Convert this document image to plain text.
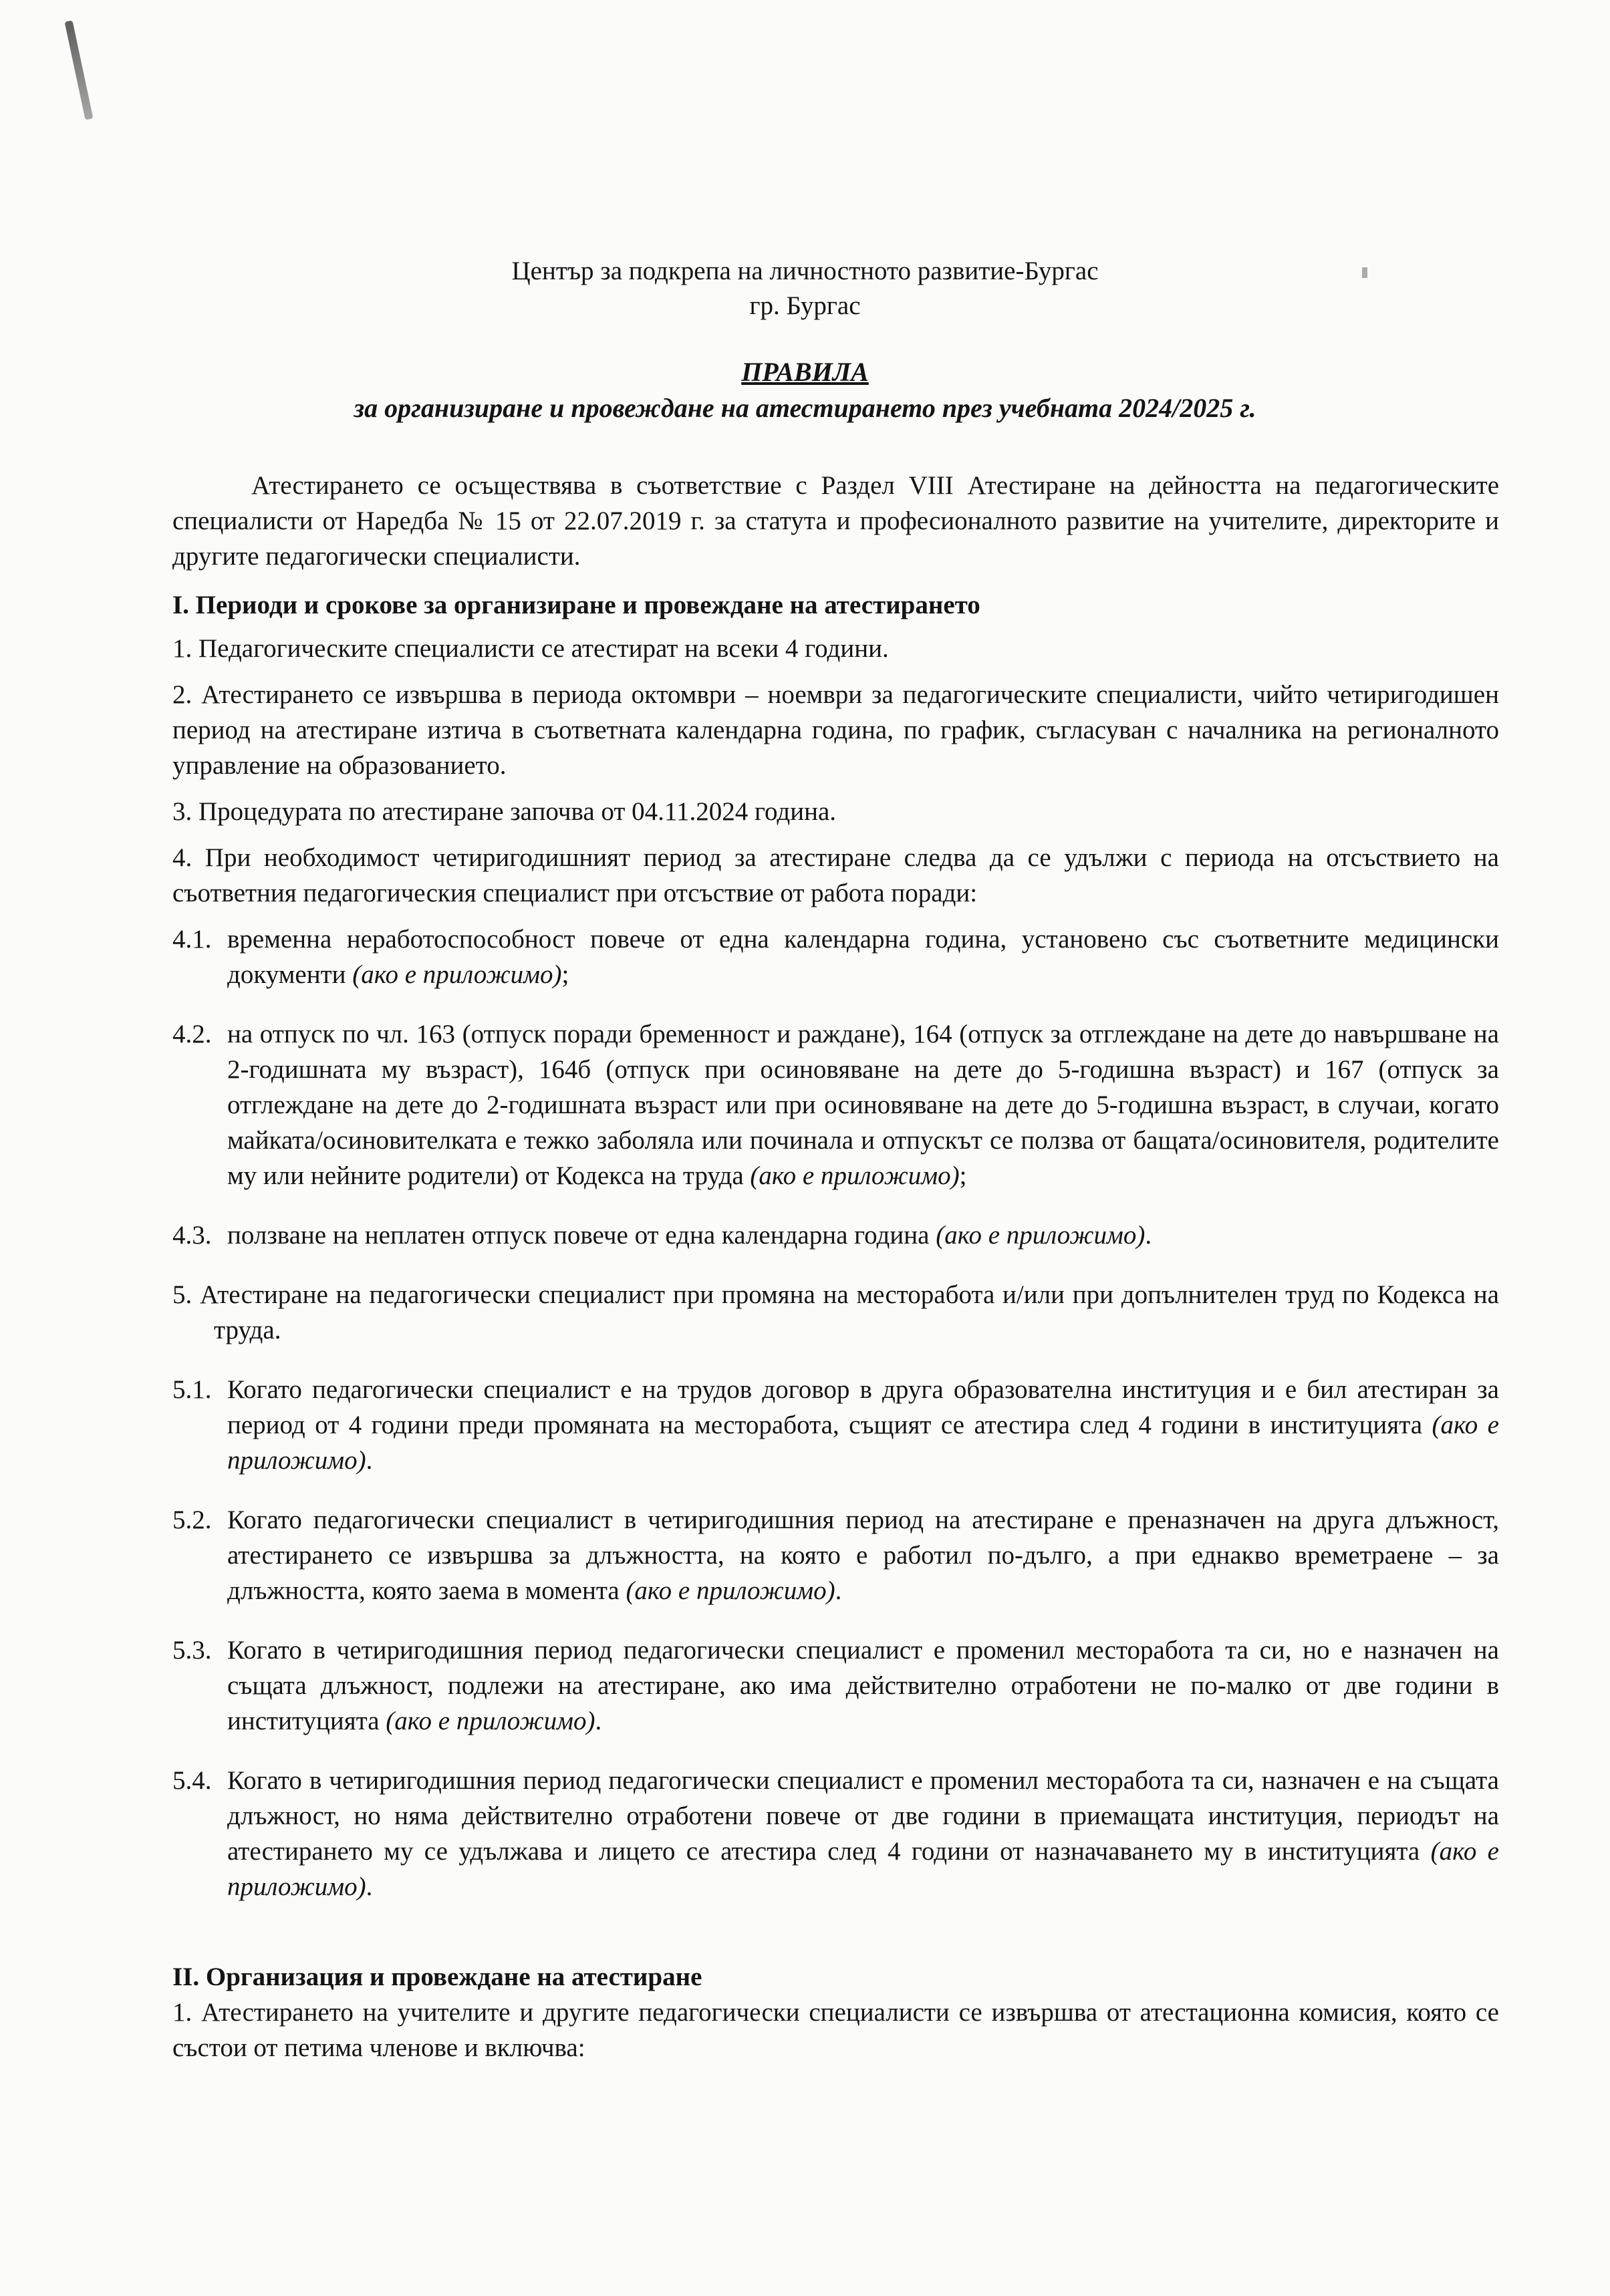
Център за подкрепа на личностното развитие-Бургас
гр. Бургас
ПРАВИЛА
за организиране и провеждане на атестирането през учебната 2024/2025 г.

Атестирането се осъществява в съответствие с Раздел VIII Атестиране на дейността на педагогическите специалисти от Наредба № 15 от 22.07.2019 г. за статута и професионалното развитие на учителите, директорите и другите педагогически специалисти.

I. Периоди и срокове за организиране и провеждане на атестирането

1. Педагогическите специалисти се атестират на всеки 4 години.

2. Атестирането се извършва в периода октомври – ноември за педагогическите специалисти, чийто четиригодишен период на атестиране изтича в съответната календарна година, по график, съгласуван с началника на регионалното управление на образованието.

3. Процедурата по атестиране започва от 04.11.2024 година.

4. При необходимост четиригодишният период за атестиране следва да се удължи с периода на отсъствието на съответния педагогическия специалист при отсъствие от работа поради:

4.1. временна неработоспособност повече от една календарна година, установено със съответните медицински документи (ако е приложимо);
4.2. на отпуск по чл. 163 (отпуск поради бременност и раждане), 164 (отпуск за отглеждане на дете до навършване на 2-годишната му възраст), 164б (отпуск при осиновяване на дете до 5-годишна възраст) и 167 (отпуск за отглеждане на дете до 2-годишната възраст или при осиновяване на дете до 5-годишна възраст, в случаи, когато майката/осиновителката е тежко заболяла или починала и отпускът се ползва от бащата/осиновителя, родителите му или нейните родители) от Кодекса на труда (ако е приложимо);
4.3. ползване на неплатен отпуск повече от една календарна година (ако е приложимо).

5. Атестиране на педагогически специалист при промяна на месторабота и/или при допълнителен труд по Кодекса на труда.

5.1. Когато педагогически специалист е на трудов договор в друга образователна институция и е бил атестиран за период от 4 години преди промяната на месторабота, същият се атестира след 4 години в институцията (ако е приложимо).
5.2. Когато педагогически специалист в четиригодишния период на атестиране е преназначен на друга длъжност, атестирането се извършва за длъжността, на която е работил по-дълго, а при еднакво времетраене – за длъжността, която заема в момента (ако е приложимо).
5.3. Когато в четиригодишния период педагогически специалист е променил месторабота та си, но е назначен на същата длъжност, подлежи на атестиране, ако има действително отработени не по-малко от две години в институцията (ако е приложимо).
5.4. Когато в четиригодишния период педагогически специалист е променил месторабота та си, назначен е на същата длъжност, но няма действително отработени повече от две години в приемащата институция, периодът на атестирането му се удължава и лицето се атестира след 4 години от назначаването му в институцията (ако е приложимо).

II. Организация и провеждане на атестиране

1. Атестирането на учителите и другите педагогически специалисти се извършва от атестационна комисия, която се състои от петима членове и включва:
